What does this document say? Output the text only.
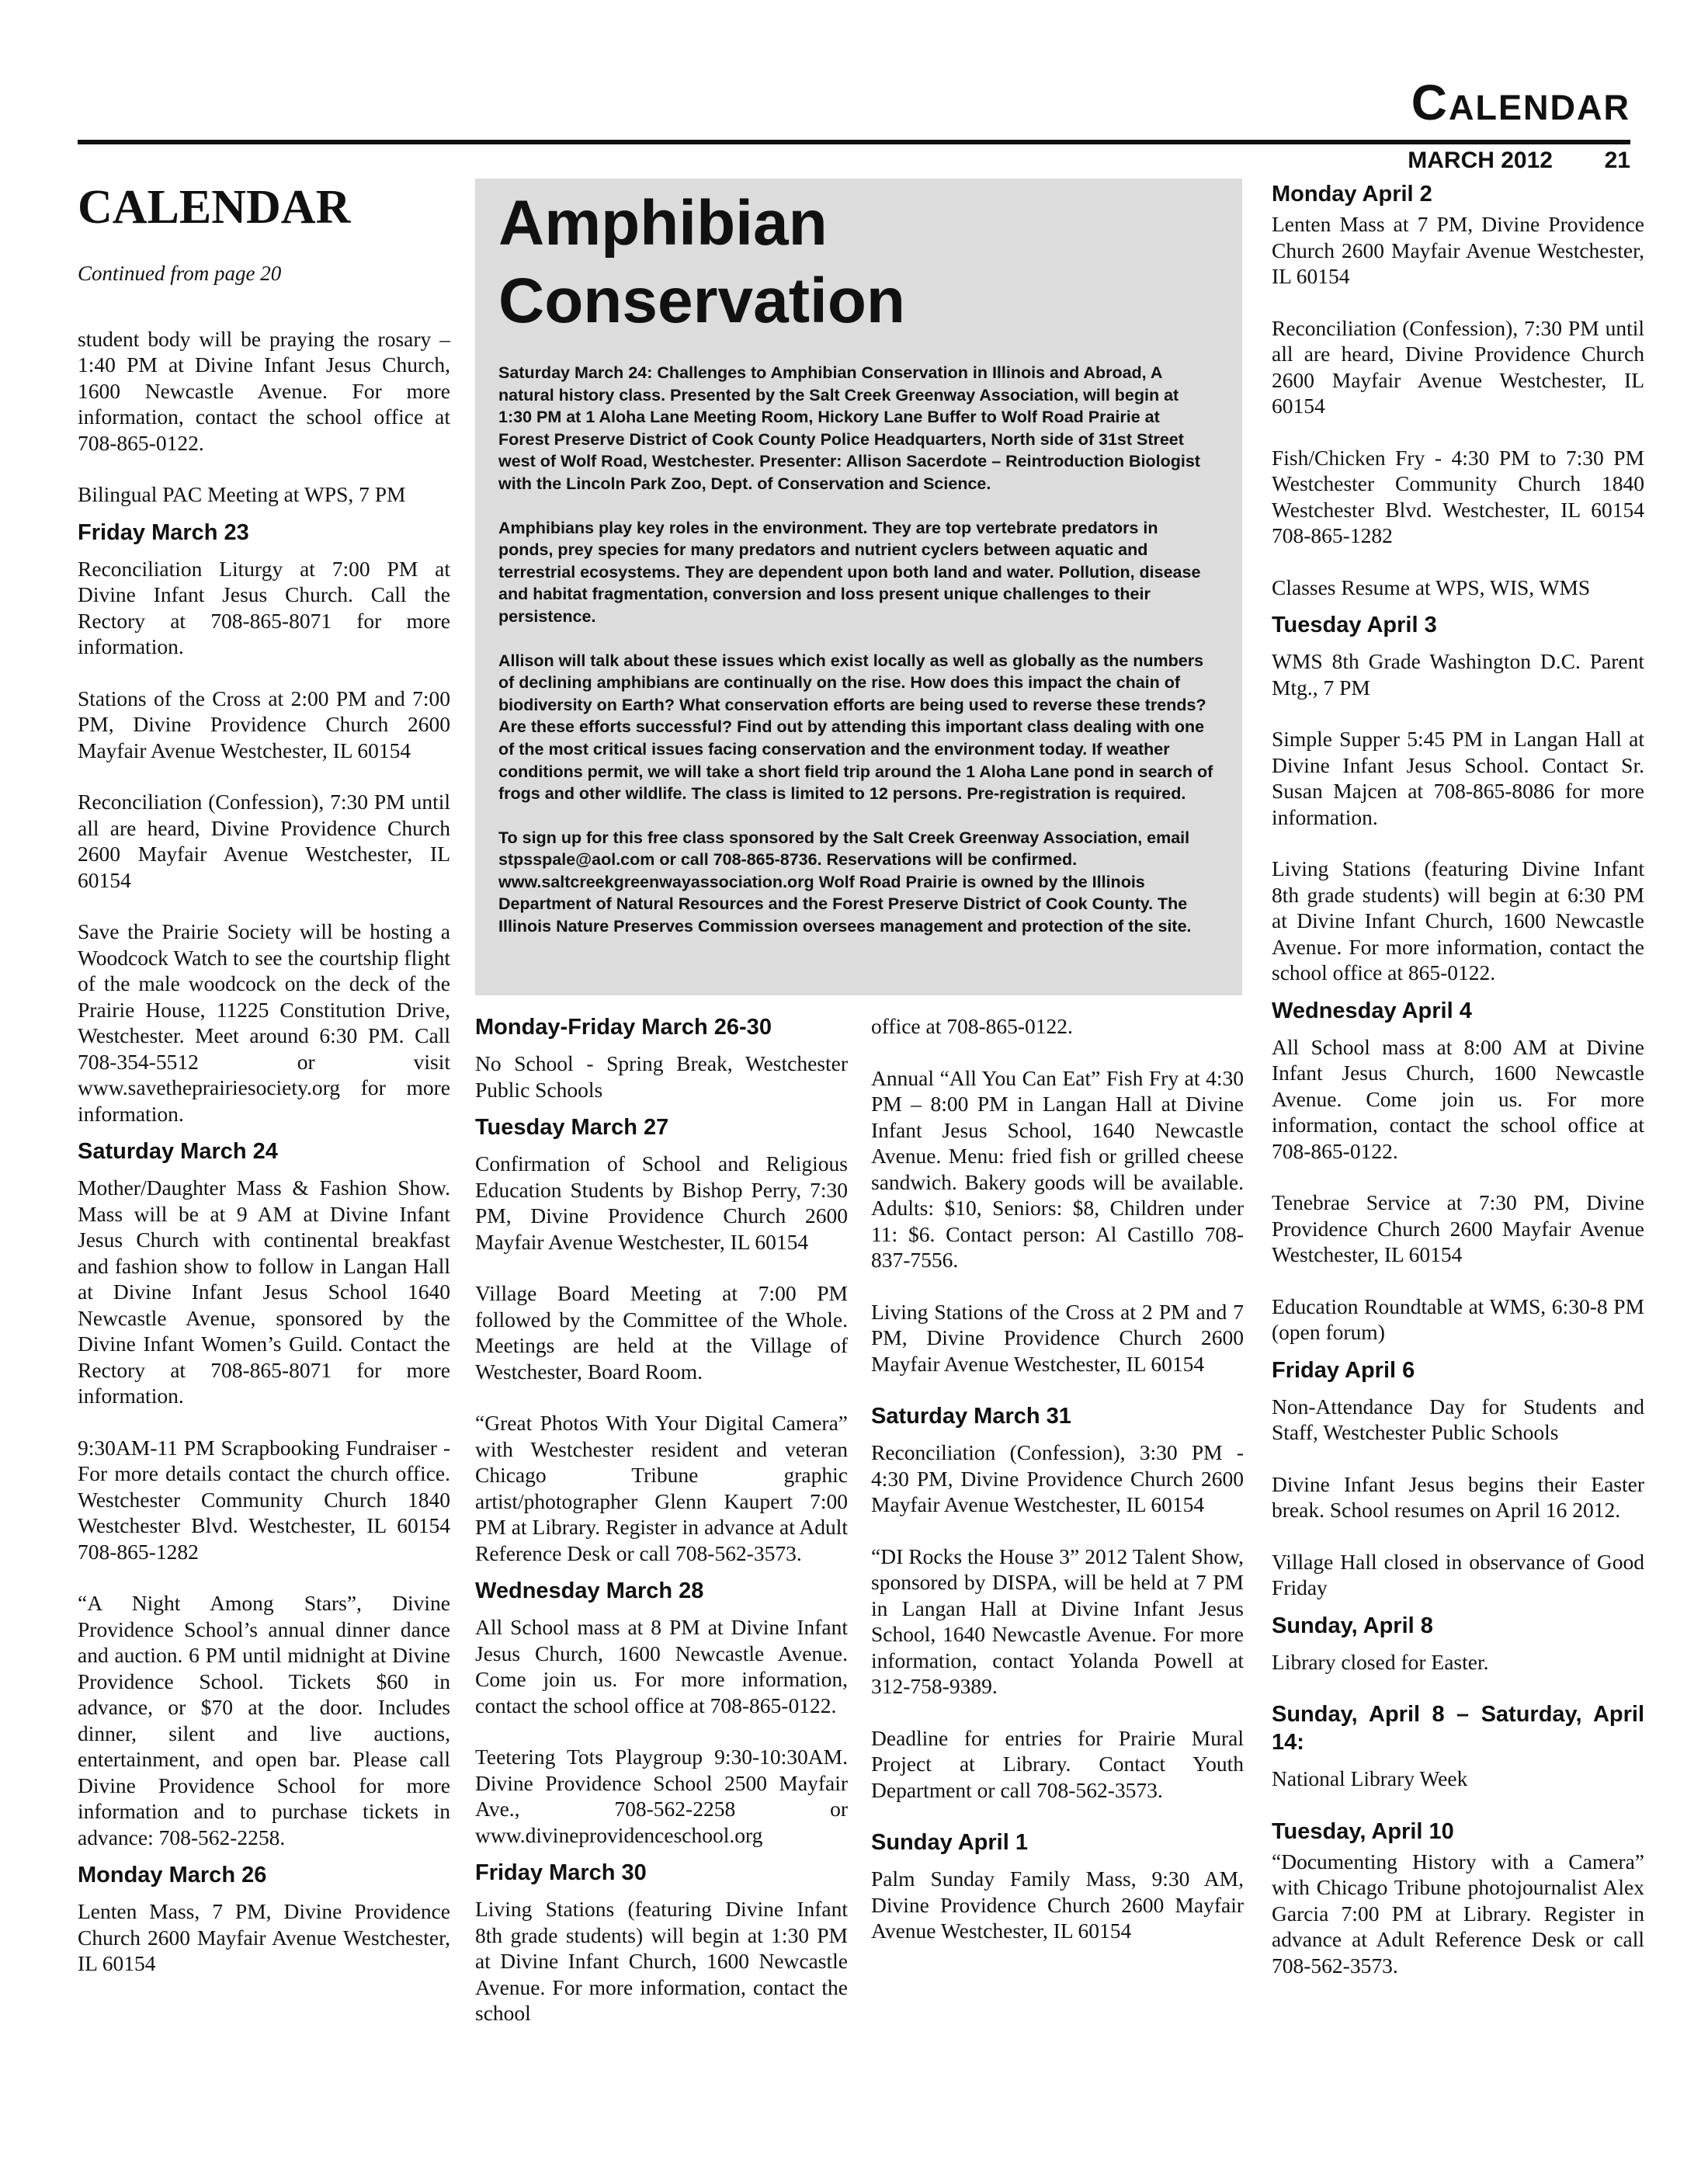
Calendar
MARCH 2012 21
CALENDAR

Continued from page 20

student body will be praying the rosary – 1:40 PM at Divine Infant Jesus Church, 1600 Newcastle Avenue. For more information, contact the school office at 708-865-0122.

Bilingual PAC Meeting at WPS, 7 PM

Friday March 23

Reconciliation Liturgy at 7:00 PM at Divine Infant Jesus Church. Call the Rectory at 708-865-8071 for more information.

Stations of the Cross at 2:00 PM and 7:00 PM, Divine Providence Church 2600 Mayfair Avenue Westchester, IL 60154

Reconciliation (Confession), 7:30 PM until all are heard, Divine Providence Church 2600 Mayfair Avenue Westchester, IL 60154

Save the Prairie Society will be hosting a Woodcock Watch to see the courtship flight of the male woodcock on the deck of the Prairie House, 11225 Constitution Drive, Westchester. Meet around 6:30 PM. Call 708-354-5512 or visit www.savetheprairiesociety.org for more information.

Saturday March 24

Mother/Daughter Mass & Fashion Show. Mass will be at 9 AM at Divine Infant Jesus Church with continental breakfast and fashion show to follow in Langan Hall at Divine Infant Jesus School 1640 Newcastle Avenue, sponsored by the Divine Infant Women’s Guild. Contact the Rectory at 708-865-8071 for more information.

9:30AM-11 PM Scrapbooking Fundraiser - For more details contact the church office. Westchester Community Church 1840 Westchester Blvd. Westchester, IL 60154 708-865-1282

“A Night Among Stars”, Divine Providence School’s annual dinner dance and auction. 6 PM until midnight at Divine Providence School. Tickets $60 in advance, or $70 at the door. Includes dinner, silent and live auctions, entertainment, and open bar. Please call Divine Providence School for more information and to purchase tickets in advance: 708-562-2258.

Monday March 26

Lenten Mass, 7 PM, Divine Providence Church 2600 Mayfair Avenue Westchester, IL 60154

Amphibian Conservation

Saturday March 24: Challenges to Amphibian Conservation in Illinois and Abroad, A natural history class. Presented by the Salt Creek Greenway Association, will begin at 1:30 PM at 1 Aloha Lane Meeting Room, Hickory Lane Buffer to Wolf Road Prairie at Forest Preserve District of Cook County Police Headquarters, North side of 31st Street west of Wolf Road, Westchester. Presenter: Allison Sacerdote – Reintroduction Biologist with the Lincoln Park Zoo, Dept. of Conservation and Science.

Amphibians play key roles in the environment. They are top vertebrate predators in ponds, prey species for many predators and nutrient cyclers between aquatic and terrestrial ecosystems. They are dependent upon both land and water. Pollution, disease and habitat fragmentation, conversion and loss present unique challenges to their persistence.

Allison will talk about these issues which exist locally as well as globally as the numbers of declining amphibians are continually on the rise. How does this impact the chain of biodiversity on Earth? What conservation efforts are being used to reverse these trends? Are these efforts successful? Find out by attending this important class dealing with one of the most critical issues facing conservation and the environment today. If weather conditions permit, we will take a short field trip around the 1 Aloha Lane pond in search of frogs and other wildlife. The class is limited to 12 persons. Pre-registration is required.

To sign up for this free class sponsored by the Salt Creek Greenway Association, email stpsspale@aol.com or call 708-865-8736. Reservations will be confirmed. www.saltcreekgreenwayassociation.org Wolf Road Prairie is owned by the Illinois Department of Natural Resources and the Forest Preserve District of Cook County. The Illinois Nature Preserves Commission oversees management and protection of the site.

Monday-Friday March 26-30

No School - Spring Break, Westchester Public Schools

Tuesday March 27

Confirmation of School and Religious Education Students by Bishop Perry, 7:30 PM, Divine Providence Church 2600 Mayfair Avenue Westchester, IL 60154

Village Board Meeting at 7:00 PM followed by the Committee of the Whole. Meetings are held at the Village of Westchester, Board Room.

“Great Photos With Your Digital Camera” with Westchester resident and veteran Chicago Tribune graphic artist/photographer Glenn Kaupert 7:00 PM at Library. Register in advance at Adult Reference Desk or call 708-562-3573.

Wednesday March 28

All School mass at 8 PM at Divine Infant Jesus Church, 1600 Newcastle Avenue. Come join us. For more information, contact the school office at 708-865-0122.

Teetering Tots Playgroup 9:30-10:30AM. Divine Providence School 2500 Mayfair Ave., 708-562-2258 or www.divineprovidenceschool.org

Friday March 30

Living Stations (featuring Divine Infant 8th grade students) will begin at 1:30 PM at Divine Infant Church, 1600 Newcastle Avenue. For more information, contact the school

office at 708-865-0122.

Annual “All You Can Eat” Fish Fry at 4:30 PM – 8:00 PM in Langan Hall at Divine Infant Jesus School, 1640 Newcastle Avenue. Menu: fried fish or grilled cheese sandwich. Bakery goods will be available. Adults: $10, Seniors: $8, Children under 11: $6. Contact person: Al Castillo 708-837-7556.

Living Stations of the Cross at 2 PM and 7 PM, Divine Providence Church 2600 Mayfair Avenue Westchester, IL 60154

Saturday March 31

Reconciliation (Confession), 3:30 PM - 4:30 PM, Divine Providence Church 2600 Mayfair Avenue Westchester, IL 60154

“DI Rocks the House 3” 2012 Talent Show, sponsored by DISPA, will be held at 7 PM in Langan Hall at Divine Infant Jesus School, 1640 Newcastle Avenue. For more information, contact Yolanda Powell at 312-758-9389.

Deadline for entries for Prairie Mural Project at Library. Contact Youth Department or call 708-562-3573.

Sunday April 1

Palm Sunday Family Mass, 9:30 AM, Divine Providence Church 2600 Mayfair Avenue Westchester, IL 60154

Monday April 2

Lenten Mass at 7 PM, Divine Providence Church 2600 Mayfair Avenue Westchester, IL 60154

Reconciliation (Confession), 7:30 PM until all are heard, Divine Providence Church 2600 Mayfair Avenue Westchester, IL 60154

Fish/Chicken Fry - 4:30 PM to 7:30 PM Westchester Community Church 1840 Westchester Blvd. Westchester, IL 60154 708-865-1282

Classes Resume at WPS, WIS, WMS

Tuesday April 3

WMS 8th Grade Washington D.C. Parent Mtg., 7 PM

Simple Supper 5:45 PM in Langan Hall at Divine Infant Jesus School. Contact Sr. Susan Majcen at 708-865-8086 for more information.

Living Stations (featuring Divine Infant 8th grade students) will begin at 6:30 PM at Divine Infant Church, 1600 Newcastle Avenue. For more information, contact the school office at 865-0122.

Wednesday April 4

All School mass at 8:00 AM at Divine Infant Jesus Church, 1600 Newcastle Avenue. Come join us. For more information, contact the school office at 708-865-0122.

Tenebrae Service at 7:30 PM, Divine Providence Church 2600 Mayfair Avenue Westchester, IL 60154

Education Roundtable at WMS, 6:30-8 PM (open forum)

Friday April 6

Non-Attendance Day for Students and Staff, Westchester Public Schools

Divine Infant Jesus begins their Easter break. School resumes on April 16 2012.

Village Hall closed in observance of Good Friday

Sunday, April 8

Library closed for Easter.

Sunday, April 8 – Saturday, April 14:

National Library Week

Tuesday, April 10

“Documenting History with a Camera” with Chicago Tribune photojournalist Alex Garcia 7:00 PM at Library. Register in advance at Adult Reference Desk or call 708-562-3573.
